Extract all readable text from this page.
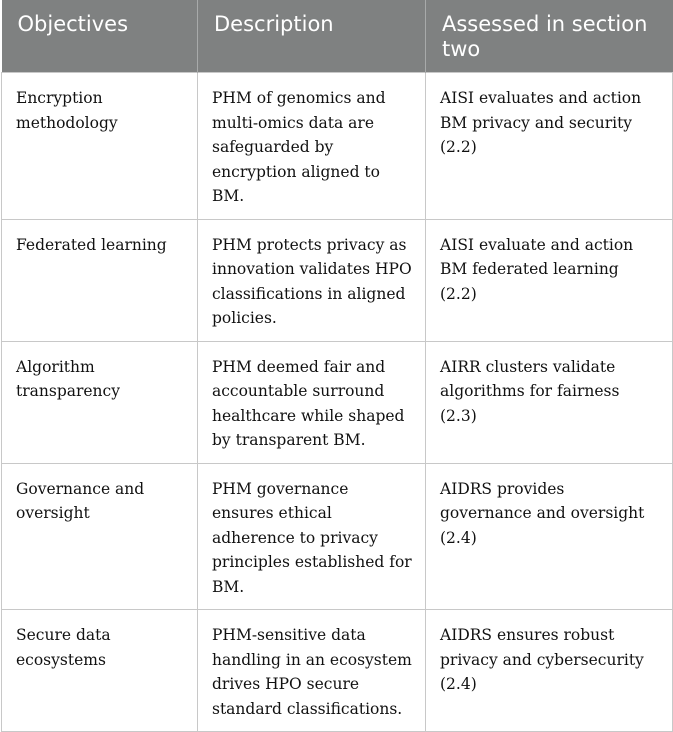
Objectives	Description	Assessed in section two
Encryption methodology	PHM of genomics and multi-omics data are safeguarded by encryption aligned to BM.	AISI evaluates and action BM privacy and security (2.2)
Federated learning	PHM protects privacy as innovation validates HPO classifications in aligned policies.	AISI evaluate and action BM federated learning (2.2)
Algorithm transparency	PHM deemed fair and accountable surround healthcare while shaped by transparent BM.	AIRR clusters validate algorithms for fairness (2.3)
Governance and oversight	PHM governance ensures ethical adherence to privacy principles established for BM.	AIDRS provides governance and oversight (2.4)
Secure data ecosystems	PHM-sensitive data handling in an ecosystem drives HPO secure standard classifications.	AIDRS ensures robust privacy and cybersecurity (2.4)
